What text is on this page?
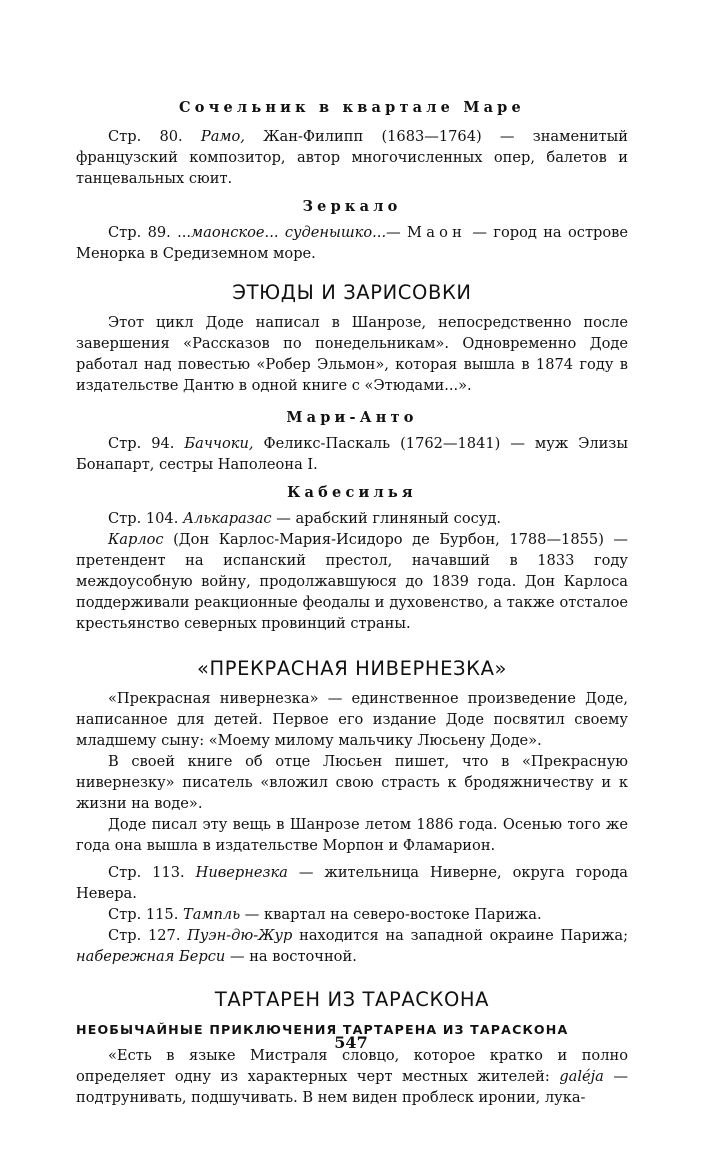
Сочельник в квартале Маре

Стр. 80. Рамо, Жан-Филипп (1683—1764) — знаменитый французский композитор, автор многочисленных опер, балетов и танцевальных сюит.

Зеркало

Стр. 89. ...маонское... суденышко...— Маон — город на острове Менорка в Средиземном море.

ЭТЮДЫ И ЗАРИСОВКИ

Этот цикл Доде написал в Шанрозе, непосредственно после завершения «Рассказов по понедельникам». Одновременно Доде работал над повестью «Робер Эльмон», которая вышла в 1874 году в издательстве Дантю в одной книге с «Этюдами...».

Мари-Анто

Стр. 94. Баччоки, Феликс-Паскаль (1762—1841) — муж Элизы Бонапарт, сестры Наполеона I.

Кабесилья

Стр. 104. Алькаразас — арабский глиняный сосуд.

Карлос (Дон Карлос-Мария-Исидоро де Бурбон, 1788—1855) — претендент на испанский престол, начавший в 1833 году междоусобную войну, продолжавшуюся до 1839 года. Дон Карлоса поддерживали реакционные феодалы и духовенство, а также отсталое крестьянство северных провинций страны.

«ПРЕКРАСНАЯ НИВЕРНЕЗКА»

«Прекрасная нивернезка» — единственное произведение Доде, написанное для детей. Первое его издание Доде посвятил своему младшему сыну: «Моему милому мальчику Люсьену Доде».

В своей книге об отце Люсьен пишет, что в «Прекрасную нивернезку» писатель «вложил свою страсть к бродяжничеству и к жизни на воде».

Доде писал эту вещь в Шанрозе летом 1886 года. Осенью того же года она вышла в издательстве Морпон и Фламарион.

Стр. 113. Нивернезка — жительница Ниверне, округа города Невера.

Стр. 115. Тампль — квартал на северо-востоке Парижа.

Стр. 127. Пуэн-дю-Жур находится на западной окраине Парижа; набережная Берси — на восточной.

ТАРТАРЕН ИЗ ТАРАСКОНА
НЕОБЫЧАЙНЫЕ ПРИКЛЮЧЕНИЯ ТАРТАРЕНА ИЗ ТАРАСКОНА

«Есть в языке Мистраля словцо, которое кратко и полно определяет одну из характерных черт местных жителей: galéja — подтрунивать, подшучивать. В нем виден проблеск иронии, лука-

547
